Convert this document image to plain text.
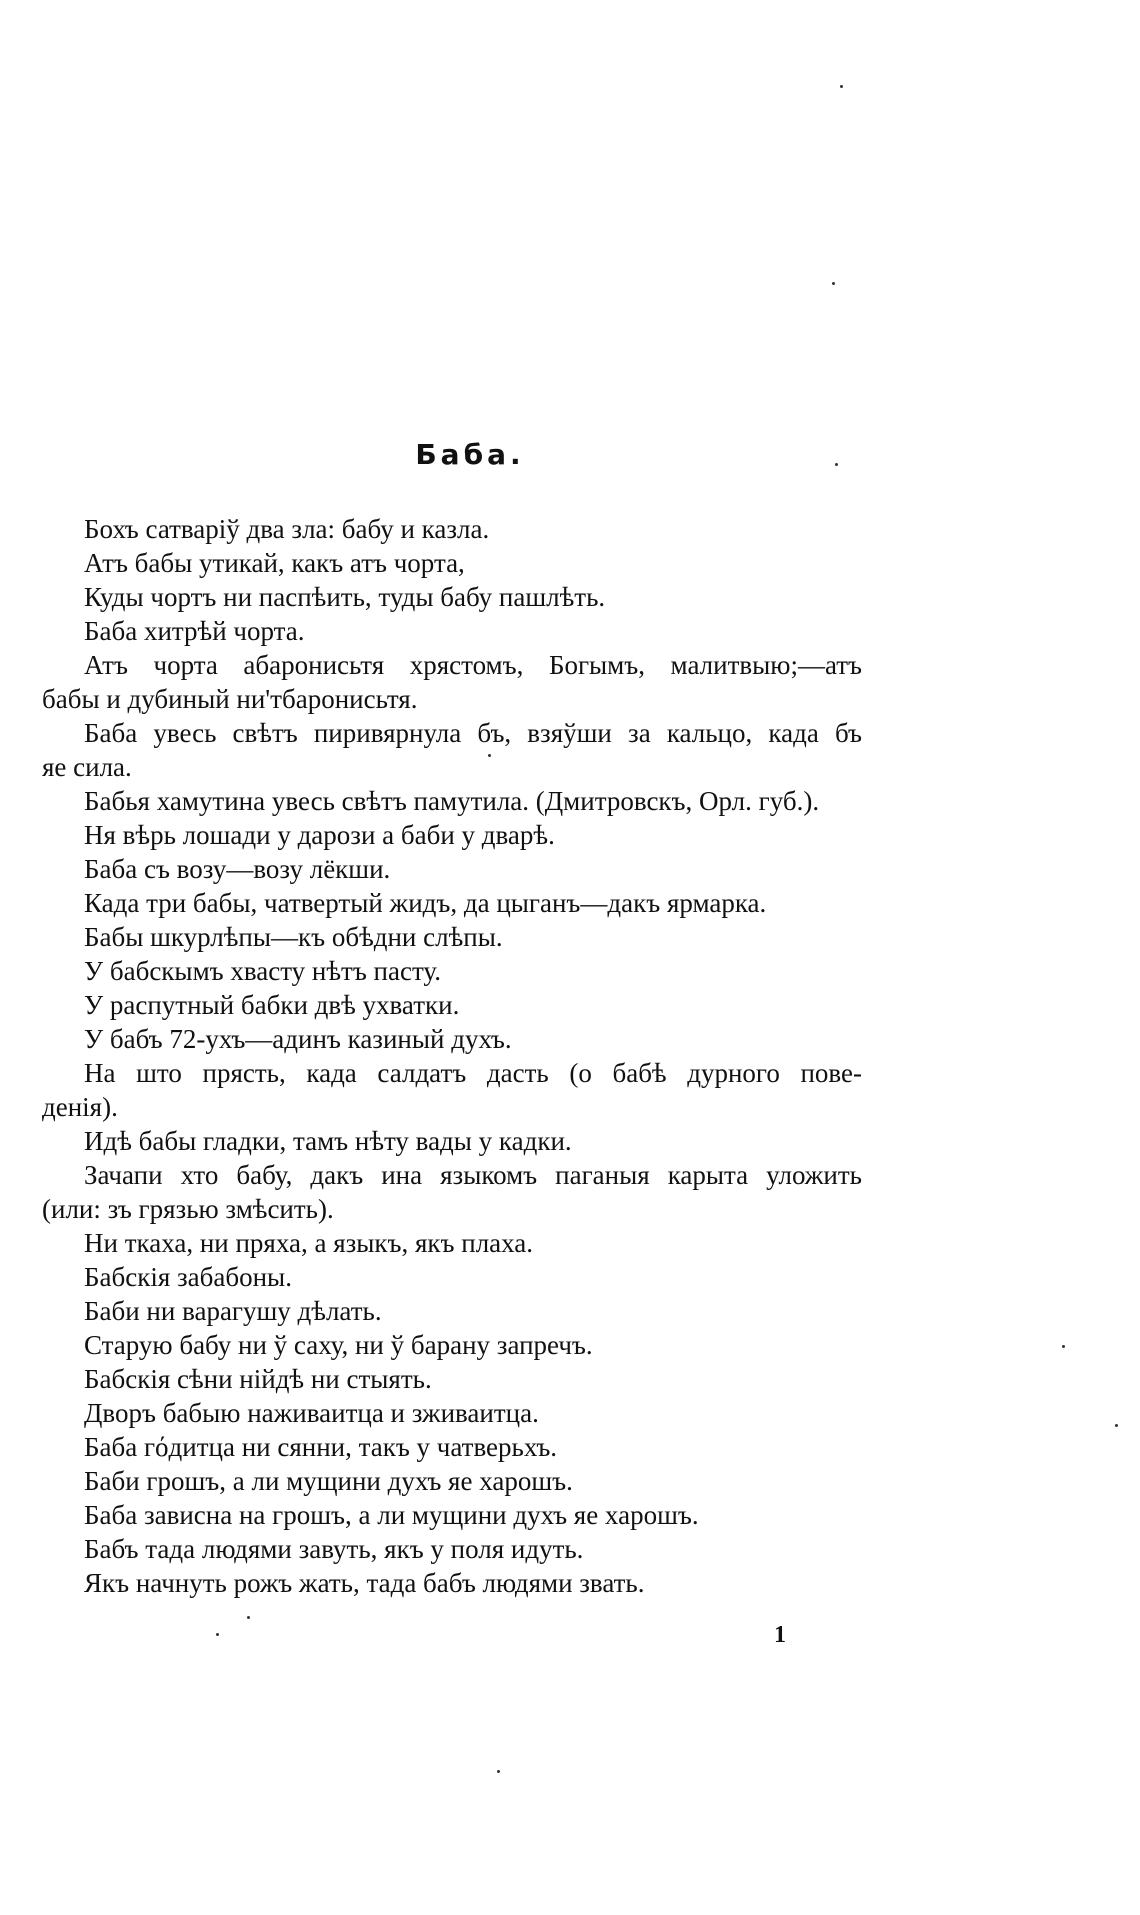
Баба.
Бохъ сатваріў два зла: бабу и казла.
Атъ бабы утикай, какъ атъ чорта,
Куды чортъ ни паспѣить, туды бабу пашлѣть.
Баба хитрѣй чорта.
Атъ чорта абаронисьтя хрястомъ, Богымъ, малитвыю;—атъ
бабы и дубиный ни'тбаронисьтя.
Баба увесь свѣтъ пиривярнула бъ, взяўши за кальцо, када бъ
яе сила.
Бабья хамутина увесь свѣтъ памутила. (Дмитровскъ, Орл. губ.).
Ня вѣрь лошади у дарози а баби у дварѣ.
Баба съ возу—возу лёкши.
Када три бабы, чатвертый жидъ, да цыганъ—дакъ ярмарка.
Бабы шкурлѣпы—къ обѣдни слѣпы.
У бабскымъ хвасту нѣтъ пасту.
У распутный бабки двѣ ухватки.
У бабъ 72-ухъ—адинъ казиный духъ.
На што прясть, када салдатъ дасть (о бабѣ дурного пове-
денія).
Идѣ бабы гладки, тамъ нѣту вады у кадки.
Зачапи хто бабу, дакъ ина языкомъ паганыя карыта уложить
(или: зъ грязью змѣсить).
Ни ткаха, ни пряха, а языкъ, якъ плаха.
Бабскія забабоны.
Баби ни варагушу дѣлать.
Старую бабу ни ў саху, ни ў барану запречъ.
Бабскія сѣни нійдѣ ни стыять.
Дворъ бабыю наживаитца и зживаитца.
Баба гόдитца ни сянни, такъ у чатверьхъ.
Баби грошъ, а ли мущини духъ яе харошъ.
Баба зависна на грошъ, а ли мущини духъ яе харошъ.
Бабъ тада людями завуть, якъ у поля идуть.
Якъ начнуть рожъ жать, тада бабъ людями звать.
1
